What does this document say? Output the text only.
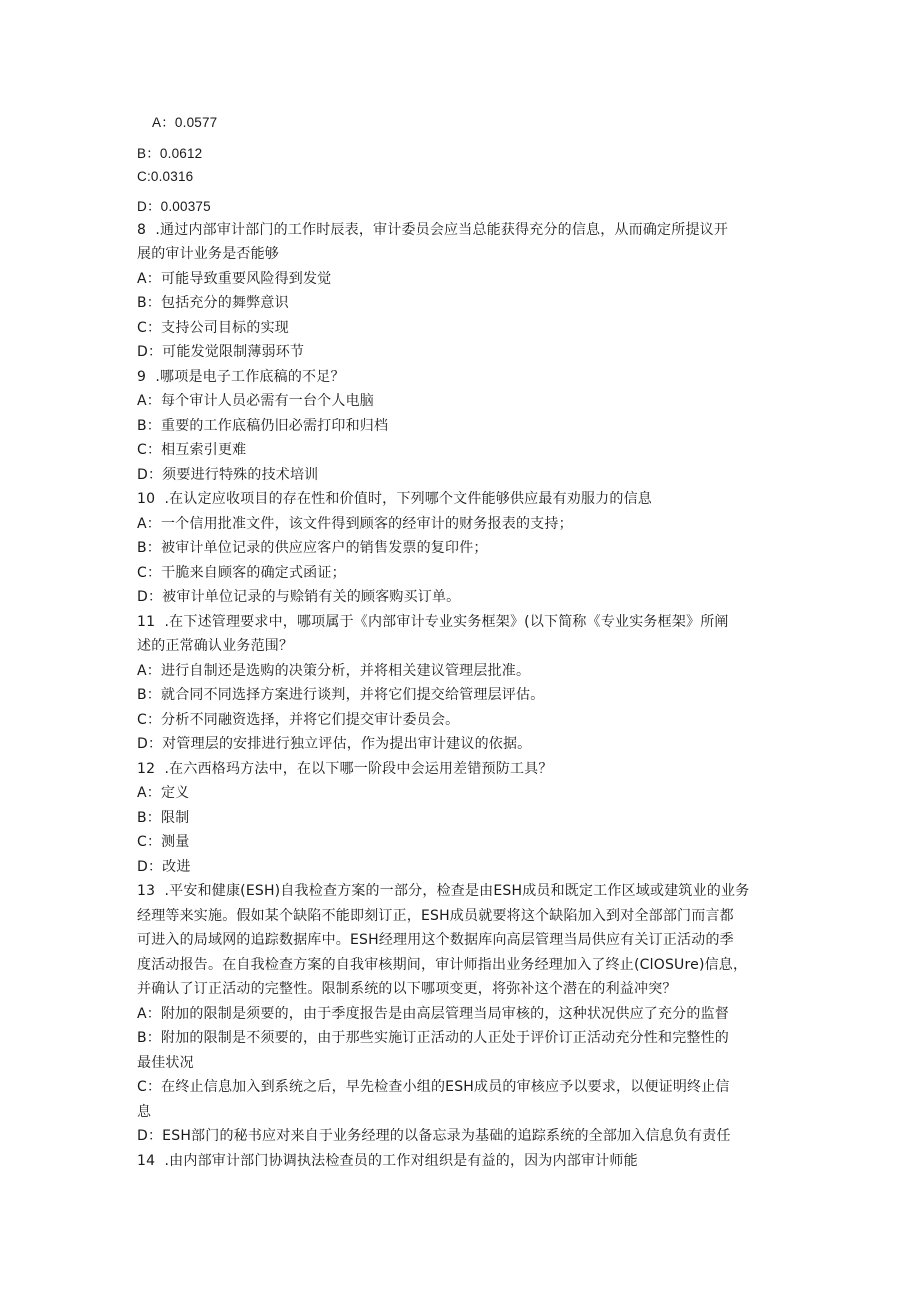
A：0.0577
B：0.0612
C:0.0316
D：0.00375
8  .通过内部审计部门的工作时辰表，审计委员会应当总能获得充分的信息，从而确定所提议开
展的审计业务是否能够
A：可能导致重要风险得到发觉
B：包括充分的舞弊意识
C：支持公司目标的实现
D：可能发觉限制薄弱环节
9  .哪项是电子工作底稿的不足？
A：每个审计人员必需有一台个人电脑
B：重要的工作底稿仍旧必需打印和归档
C：相互索引更难
D：须要进行特殊的技术培训
10  .在认定应收项目的存在性和价值时，下列哪个文件能够供应最有劝服力的信息
A：一个信用批准文件，该文件得到顾客的经审计的财务报表的支持；
B：被审计单位记录的供应应客户的销售发票的复印件；
C：干脆来自顾客的确定式函证；
D：被审计单位记录的与赊销有关的顾客购买订单。
11  .在下述管理要求中，哪项属于《内部审计专业实务框架》(以下简称《专业实务框架》所阐
述的正常确认业务范围？
A：进行自制还是选购的决策分析，并将相关建议管理层批准。
B：就合同不同选择方案进行谈判，并将它们提交给管理层评估。
C：分析不同融资选择，并将它们提交审计委员会。
D：对管理层的安排进行独立评估，作为提出审计建议的依据。
12  .在六西格玛方法中，在以下哪一阶段中会运用差错预防工具？
A：定义
B：限制
C：测量
D：改进
13  .平安和健康(ESH)自我检查方案的一部分，检查是由ESH成员和既定工作区域或建筑业的业务
经理等来实施。假如某个缺陷不能即刻订正，ESH成员就要将这个缺陷加入到对全部部门而言都
可进入的局域网的追踪数据库中。ESH经理用这个数据库向高层管理当局供应有关订正活动的季
度活动报告。在自我检查方案的自我审核期间，审计师指出业务经理加入了终止(ClOSUre)信息，
并确认了订正活动的完整性。限制系统的以下哪项变更，将弥补这个潜在的利益冲突？
A：附加的限制是须要的，由于季度报告是由高层管理当局审核的，这种状况供应了充分的监督
B：附加的限制是不须要的，由于那些实施订正活动的人正处于评价订正活动充分性和完整性的
最佳状况
C：在终止信息加入到系统之后，早先检查小组的ESH成员的审核应予以要求，以便证明终止信
息
D：ESH部门的秘书应对来自于业务经理的以备忘录为基础的追踪系统的全部加入信息负有责任
14  .由内部审计部门协调执法检查员的工作对组织是有益的，因为内部审计师能
